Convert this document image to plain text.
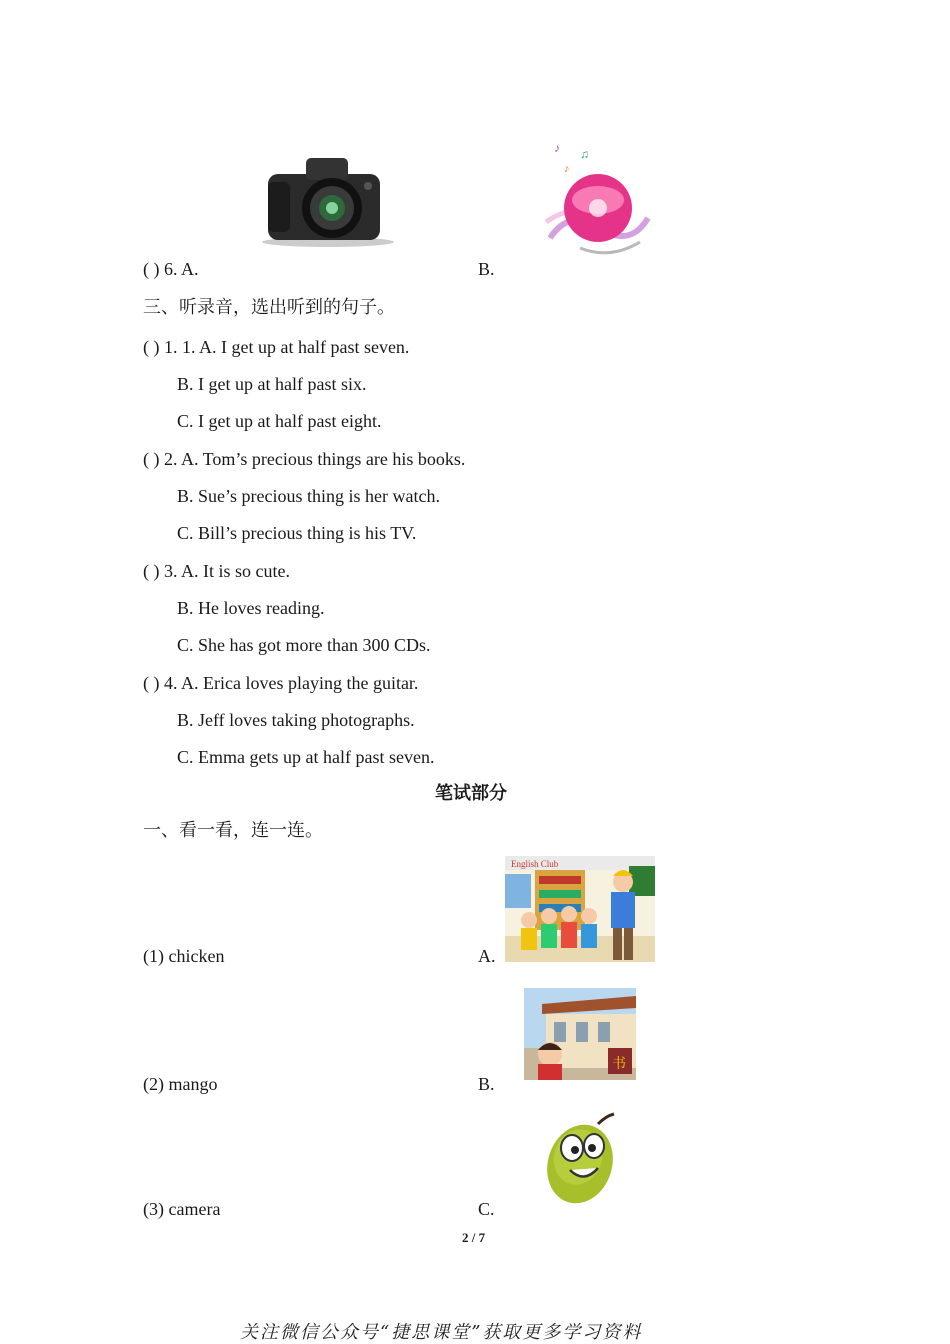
♪ ♫
♪
( ) 6. A.	B.
三、听录音，选出听到的句子。
( ) 1. 1. A. I get up at half past seven.
B. I get up at half past six.
C. I get up at half past eight.
( ) 2. A. Tom’s precious things are his books.
B. Sue’s precious thing is her watch.
C. Bill’s precious thing is his TV.
( ) 3. A. It is so cute.
B. He loves reading.
C. She has got more than 300 CDs.
( ) 4. A. Erica loves playing the guitar.
B. Jeff loves taking photographs.
C. Emma gets up at half past seven.
笔试部分
一、看一看，连一连。
English Club
书
(1) chicken	A.
(2) mango	B.
(3) camera	C.
2 / 7
关注微信公众号“捷思课堂”获取更多学习资料
